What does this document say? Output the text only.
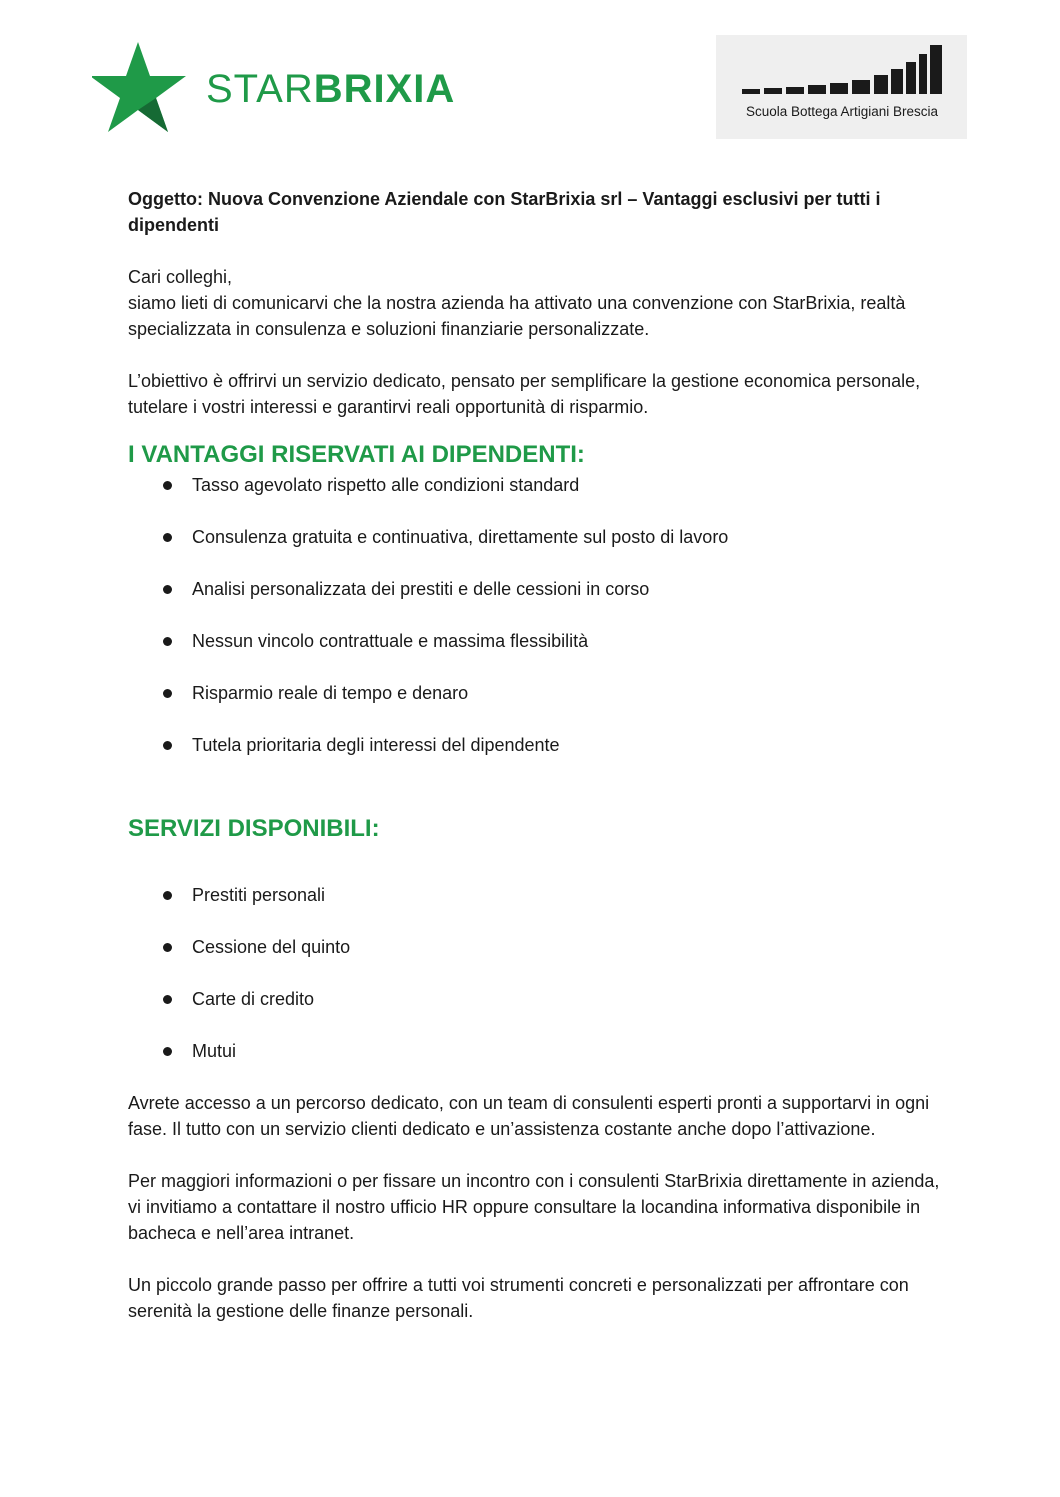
STARBRIXIA
Scuola Bottega Artigiani Brescia

Oggetto: Nuova Convenzione Aziendale con StarBrixia srl – Vantaggi esclusivi per tutti i dipendenti

Cari colleghi,

siamo lieti di comunicarvi che la nostra azienda ha attivato una convenzione con StarBrixia, realtà specializzata in consulenza e soluzioni finanziarie personalizzate.

L’obiettivo è offrirvi un servizio dedicato, pensato per semplificare la gestione economica personale, tutelare i vostri interessi e garantirvi reali opportunità di risparmio.

I VANTAGGI RISERVATI AI DIPENDENTI:
Tasso agevolato rispetto alle condizioni standard
Consulenza gratuita e continuativa, direttamente sul posto di lavoro
Analisi personalizzata dei prestiti e delle cessioni in corso
Nessun vincolo contrattuale e massima flessibilità
Risparmio reale di tempo e denaro
Tutela prioritaria degli interessi del dipendente
SERVIZI DISPONIBILI:
Prestiti personali
Cessione del quinto
Carte di credito
Mutui

Avrete accesso a un percorso dedicato, con un team di consulenti esperti pronti a supportarvi in ogni fase. Il tutto con un servizio clienti dedicato e un’assistenza costante anche dopo l’attivazione.

Per maggiori informazioni o per fissare un incontro con i consulenti StarBrixia direttamente in azienda, vi invitiamo a contattare il nostro ufficio HR oppure consultare la locandina informativa disponibile in bacheca e nell’area intranet.

Un piccolo grande passo per offrire a tutti voi strumenti concreti e personalizzati per affrontare con serenità la gestione delle finanze personali.
